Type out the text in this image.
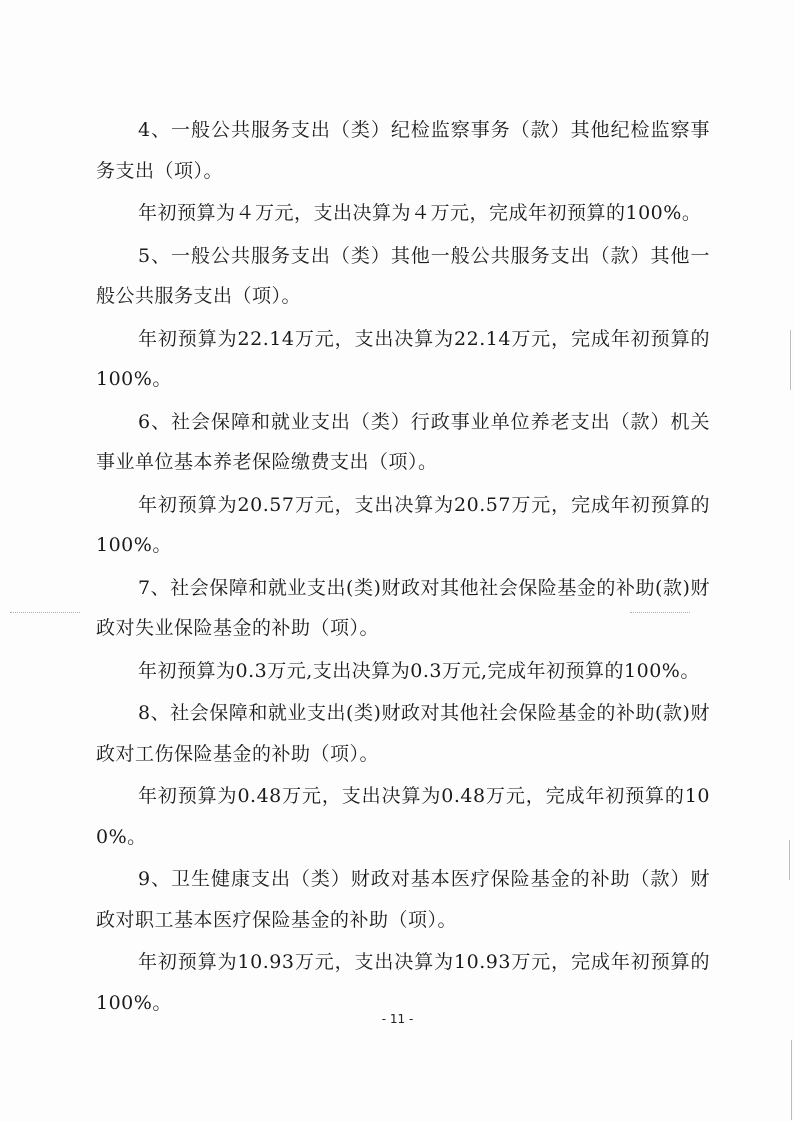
4、一般公共服务支出（类）纪检监察事务（款）其他纪检监察事务支出（项）。

年初预算为４万元，支出决算为４万元，完成年初预算的100%。

5、一般公共服务支出（类）其他一般公共服务支出（款）其他一般公共服务支出（项）。

年初预算为22.14万元，支出决算为22.14万元，完成年初预算的100%。

6、社会保障和就业支出（类）行政事业单位养老支出（款）机关事业单位基本养老保险缴费支出（项）。

年初预算为20.57万元，支出决算为20.57万元，完成年初预算的100%。

7、社会保障和就业支出(类)财政对其他社会保险基金的补助(款)财政对失业保险基金的补助（项）。

年初预算为0.3万元,支出决算为0.3万元,完成年初预算的100%。

8、社会保障和就业支出(类)财政对其他社会保险基金的补助(款)财政对工伤保险基金的补助（项）。

年初预算为0.48万元，支出决算为0.48万元，完成年初预算的100%。

9、卫生健康支出（类）财政对基本医疗保险基金的补助（款）财政对职工基本医疗保险基金的补助（项）。

年初预算为10.93万元，支出决算为10.93万元，完成年初预算的100%。

- 11 -
